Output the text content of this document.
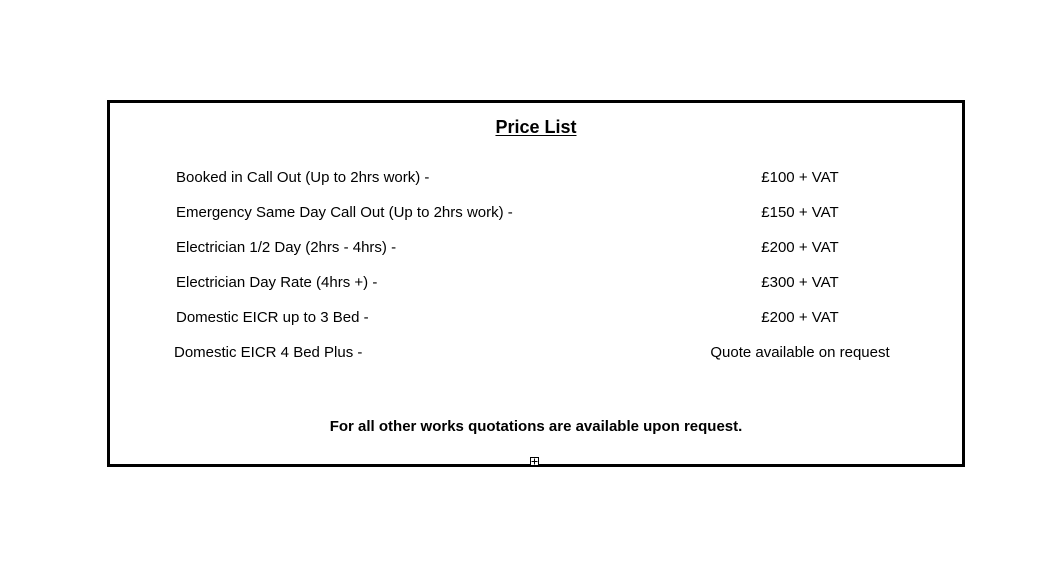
Price List
Booked in Call Out (Up to 2hrs work) -	£100 + VAT
Emergency Same Day Call Out (Up to 2hrs work) -	£150 + VAT
Electrician 1/2 Day (2hrs - 4hrs) -	£200 + VAT
Electrician Day Rate (4hrs +) -	£300 + VAT
Domestic EICR up to 3 Bed -	£200 + VAT
Domestic EICR 4 Bed Plus -	Quote available on request
For all other works quotations are available upon request.
